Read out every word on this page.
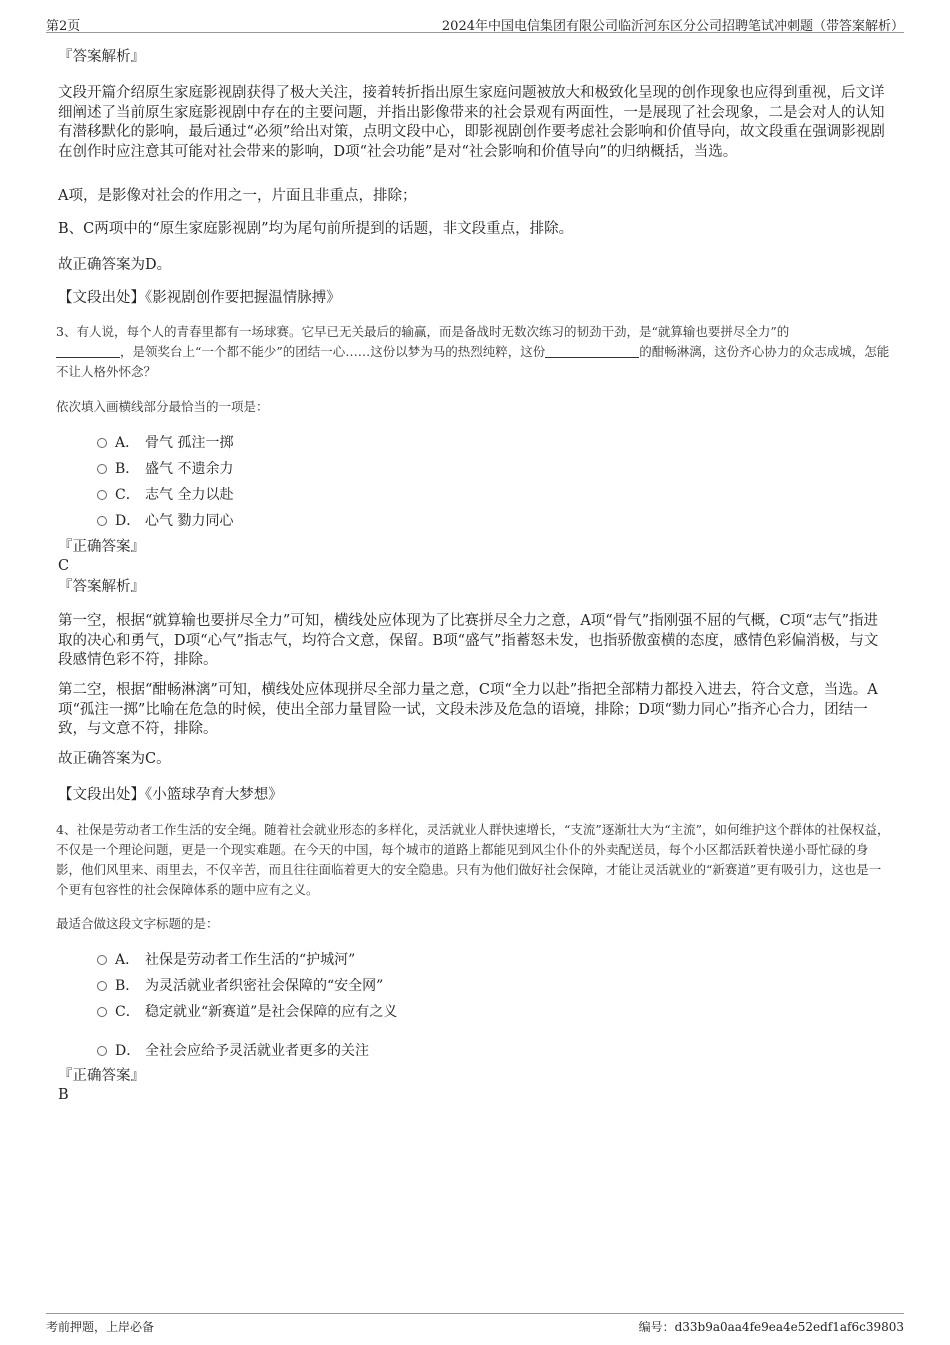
第2页	2024年中国电信集团有限公司临沂河东区分公司招聘笔试冲刺题（带答案解析）
『答案解析』
文段开篇介绍原生家庭影视剧获得了极大关注，接着转折指出原生家庭问题被放大和极致化呈现的创作现象也应得到重视，后文详细阐述了当前原生家庭影视剧中存在的主要问题，并指出影像带来的社会景观有两面性，一是展现了社会现象，二是会对人的认知有潜移默化的影响，最后通过“必须”给出对策，点明文段中心，即影视剧创作要考虑社会影响和价值导向，故文段重在强调影视剧在创作时应注意其可能对社会带来的影响，D项“社会功能”是对“社会影响和价值导向”的归纳概括，当选。
A项，是影像对社会的作用之一，片面且非重点，排除；
B、C两项中的“原生家庭影视剧”均为尾句前所提到的话题，非文段重点，排除。
故正确答案为D。
【文段出处】《影视剧创作要把握温情脉搏》
3、有人说，每个人的青春里都有一场球赛。它早已无关最后的输赢，而是备战时无数次练习的韧劲干劲，是“就算输也要拼尽全力”的
，是领奖台上“一个都不能少”的团结一心……这份以梦为马的热烈纯粹，这份	的酣畅淋漓，这份齐心协力的众志成城，怎能不让人格外怀念？
依次填入画横线部分最恰当的一项是：
A． 骨气 孤注一掷
B． 盛气 不遗余力
C． 志气 全力以赴
D． 心气 勠力同心
『正确答案』
C
『答案解析』
第一空，根据“就算输也要拼尽全力”可知，横线处应体现为了比赛拼尽全力之意，A项“骨气”指刚强不屈的气概，C项“志气”指进取的决心和勇气，D项“心气”指志气，均符合文意，保留。B项“盛气”指蓄怒未发，也指骄傲蛮横的态度，感情色彩偏消极，与文段感情色彩不符，排除。
第二空，根据“酣畅淋漓”可知，横线处应体现拼尽全部力量之意，C项“全力以赴”指把全部精力都投入进去，符合文意，当选。A项“孤注一掷”比喻在危急的时候，使出全部力量冒险一试，文段未涉及危急的语境，排除；D项“勠力同心”指齐心合力，团结一致，与文意不符，排除。
故正确答案为C。
【文段出处】《小篮球孕育大梦想》
4、社保是劳动者工作生活的安全绳。随着社会就业形态的多样化，灵活就业人群快速增长，“支流”逐渐壮大为“主流”，如何维护这个群体的社保权益，不仅是一个理论问题，更是一个现实难题。在今天的中国，每个城市的道路上都能见到风尘仆仆的外卖配送员，每个小区都活跃着快递小哥忙碌的身影，他们风里来、雨里去，不仅辛苦，而且往往面临着更大的安全隐患。只有为他们做好社会保障，才能让灵活就业的“新赛道”更有吸引力，这也是一个更有包容性的社会保障体系的题中应有之义。
最适合做这段文字标题的是：
A． 社保是劳动者工作生活的“护城河”
B． 为灵活就业者织密社会保障的“安全网”
C． 稳定就业“新赛道”是社会保障的应有之义
D． 全社会应给予灵活就业者更多的关注
『正确答案』
B
考前押题，上岸必备	编号：d33b9a0aa4fe9ea4e52edf1af6c39803
